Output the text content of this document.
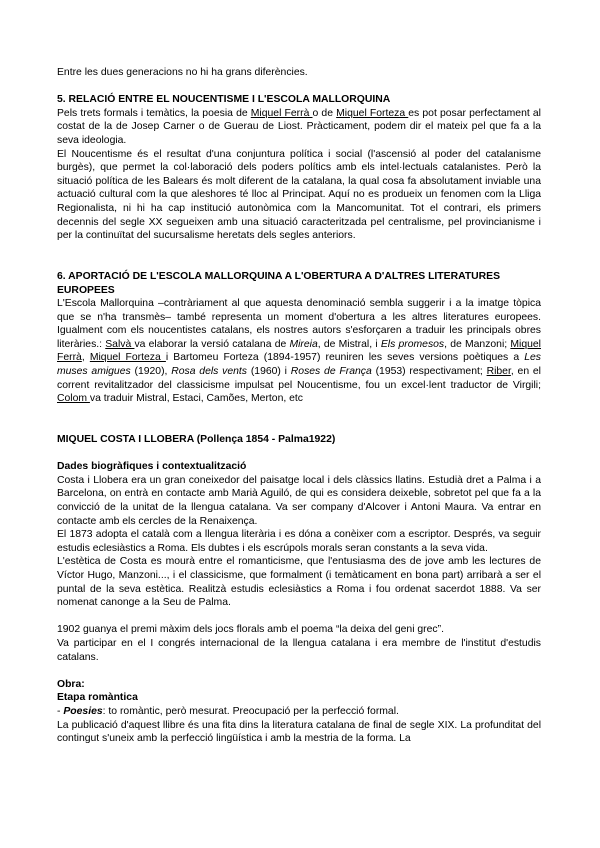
Entre les dues generacions no hi ha grans diferències.

5. RELACIÓ ENTRE EL NOUCENTISME I L'ESCOLA MALLORQUINA

Pels trets formals i temàtics, la poesia de Miquel Ferrà o de Miquel Forteza es pot posar perfectament al costat de la de Josep Carner o de Guerau de Liost. Pràcticament, podem dir el mateix pel que fa a la seva ideologia.

El Noucentisme és el resultat d'una conjuntura política i social (l'ascensió al poder del catalanisme burgès), que permet la col·laboració dels poders polítics amb els intel·lectuals catalanistes. Però la situació política de les Balears és molt diferent de la catalana, la qual cosa fa absolutament inviable una actuació cultural com la que aleshores té lloc al Principat. Aquí no es produeix un fenomen com la Lliga Regionalista, ni hi ha cap institució autonòmica com la Mancomunitat. Tot el contrari, els primers decennis del segle XX segueixen amb una situació caracteritzada pel centralisme, pel provincianisme i per la continuïtat del sucursalisme heretats dels segles anteriors.

6. APORTACIÓ DE L'ESCOLA MALLORQUINA A L'OBERTURA A D'ALTRES LITERATURES EUROPEES

L'Escola Mallorquina –contràriament al que aquesta denominació sembla suggerir i a la imatge tòpica que se n'ha transmès– també representa un moment d'obertura a les altres literatures europees. Igualment com els noucentistes catalans, els nostres autors s'esforçaren a traduir les principals obres literàries.: Salvà va elaborar la versió catalana de Mireia, de Mistral, i Els promesos, de Manzoni; Miquel Ferrà, Miquel Forteza i Bartomeu Forteza (1894-1957) reuniren les seves versions poètiques a Les muses amigues (1920), Rosa dels vents (1960) i Roses de França (1953) respectivament; Riber, en el corrent revitalitzador del classicisme impulsat pel Noucentisme, fou un excel·lent traductor de Virgili; Colom va traduir Mistral, Estaci, Camões, Merton, etc

MIQUEL COSTA I LLOBERA (Pollença 1854 - Palma1922)

Dades biogràfiques i contextualització

Costa i Llobera era un gran coneixedor del paisatge local i dels clàssics llatins. Estudià dret a Palma i a Barcelona, on entrà en contacte amb Marià Aguiló, de qui es considera deixeble, sobretot pel que fa a la convicció de la unitat de la llengua catalana. Va ser company d'Alcover i Antoni Maura. Va entrar en contacte amb els cercles de la Renaixença.

El 1873 adopta el català com a llengua literària i es dóna a conèixer com a escriptor. Després, va seguir estudis eclesiàstics a Roma. Els dubtes i els escrúpols morals seran constants a la seva vida.

L'estètica de Costa es mourà entre el romanticisme, que l'entusiasma des de jove amb les lectures de Víctor Hugo, Manzoni..., i el classicisme, que formalment (i temàticament en bona part) arribarà a ser el puntal de la seva estètica. Realitzà estudis eclesiàstics a Roma i fou ordenat sacerdot 1888. Va ser nomenat canonge a la Seu de Palma.

1902 guanya el premi màxim dels jocs florals amb el poema “la deixa del geni grec”.

Va participar en el I congrés internacional de la llengua catalana i era membre de l'institut d'estudis catalans.

Obra:

Etapa romàntica

- Poesies: to romàntic, però mesurat. Preocupació per la perfecció formal.

La publicació d'aquest llibre és una fita dins la literatura catalana de final de segle XIX. La profunditat del contingut s'uneix amb la perfecció lingüística i amb la mestria de la forma. La
